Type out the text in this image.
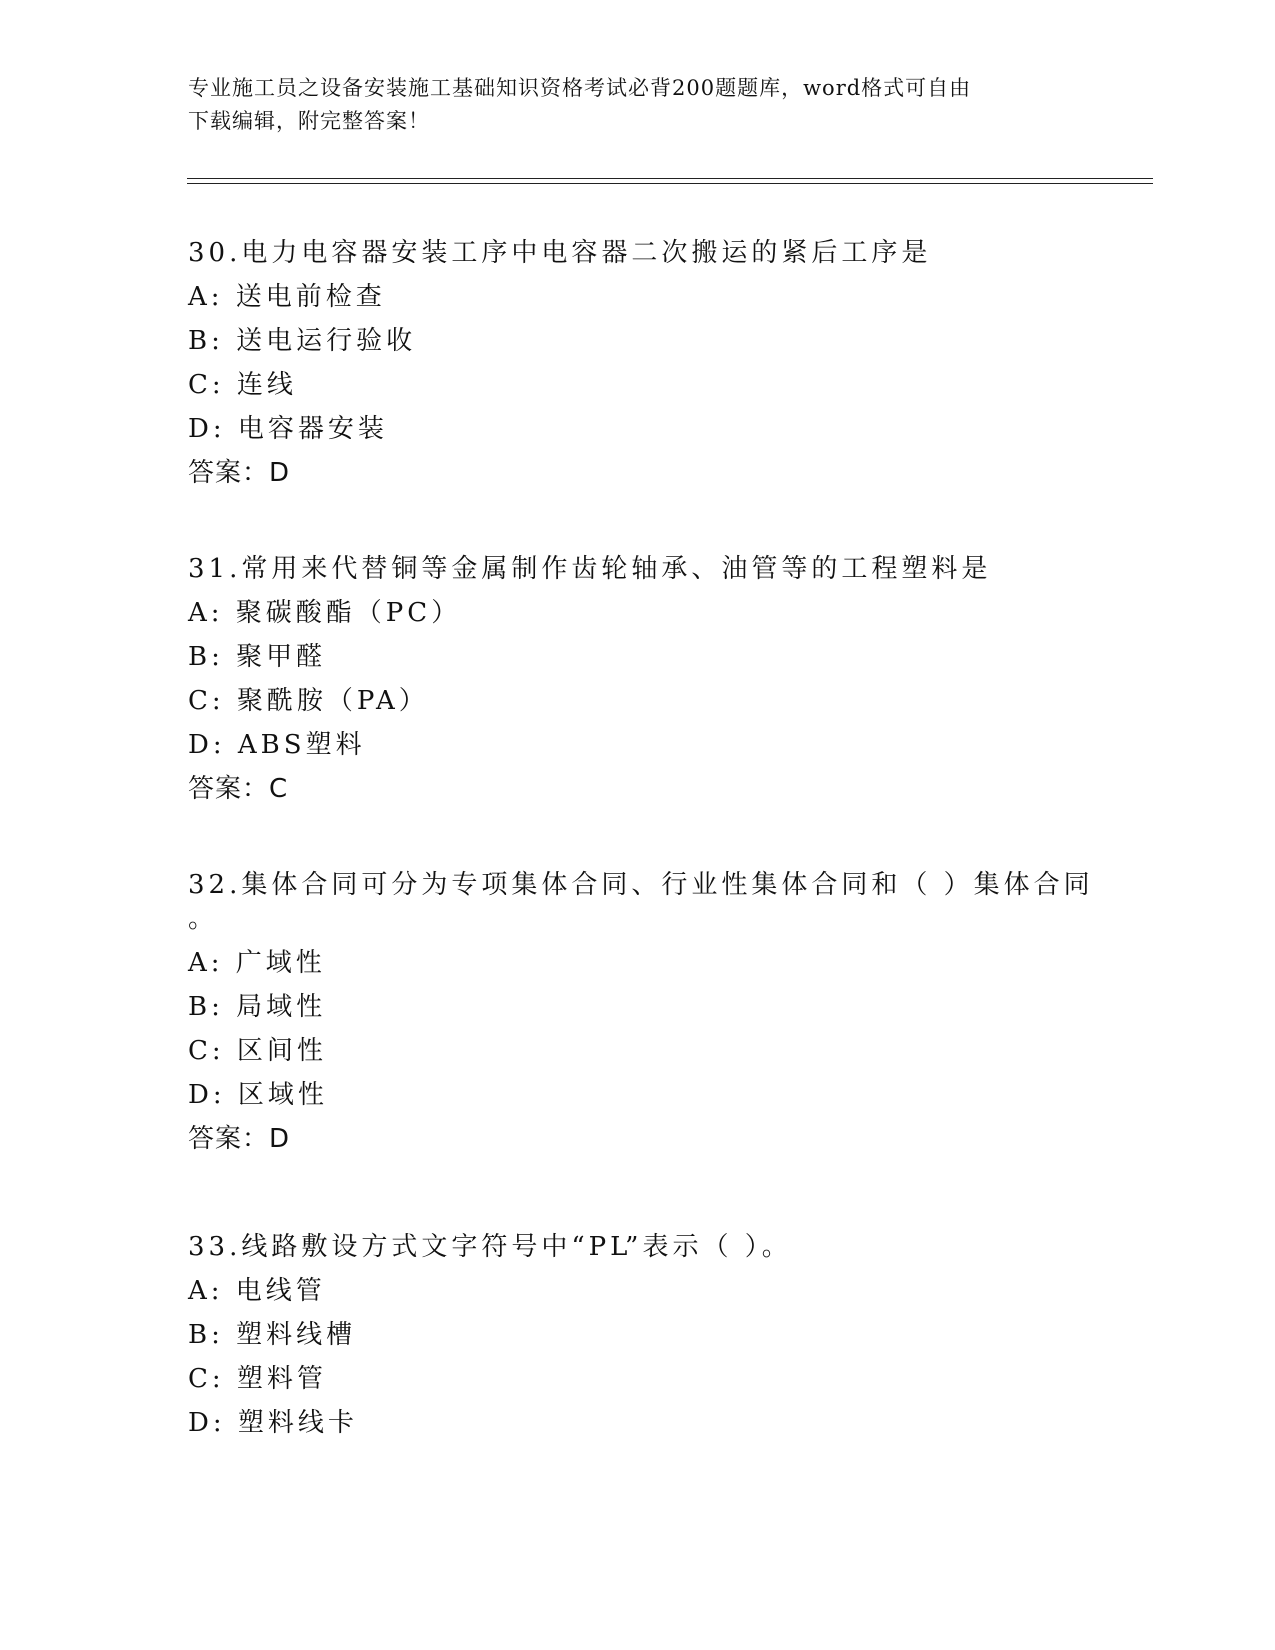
专业施工员之设备安装施工基础知识资格考试必背200题题库，word格式可自由
下载编辑，附完整答案！
30.电力电容器安装工序中电容器二次搬运的紧后工序是
A: 送电前检查
B: 送电运行验收
C: 连线
D: 电容器安装
答案：D
31.常用来代替铜等金属制作齿轮轴承、油管等的工程塑料是
A: 聚碳酸酯（PC）
B: 聚甲醛
C: 聚酰胺（PA）
D: ABS塑料
答案：C
32.集体合同可分为专项集体合同、行业性集体合同和（ ）集体合同
。
A: 广域性
B: 局域性
C: 区间性
D: 区域性
答案：D
33.线路敷设方式文字符号中“PL”表示（ ）。
A: 电线管
B: 塑料线槽
C: 塑料管
D: 塑料线卡
